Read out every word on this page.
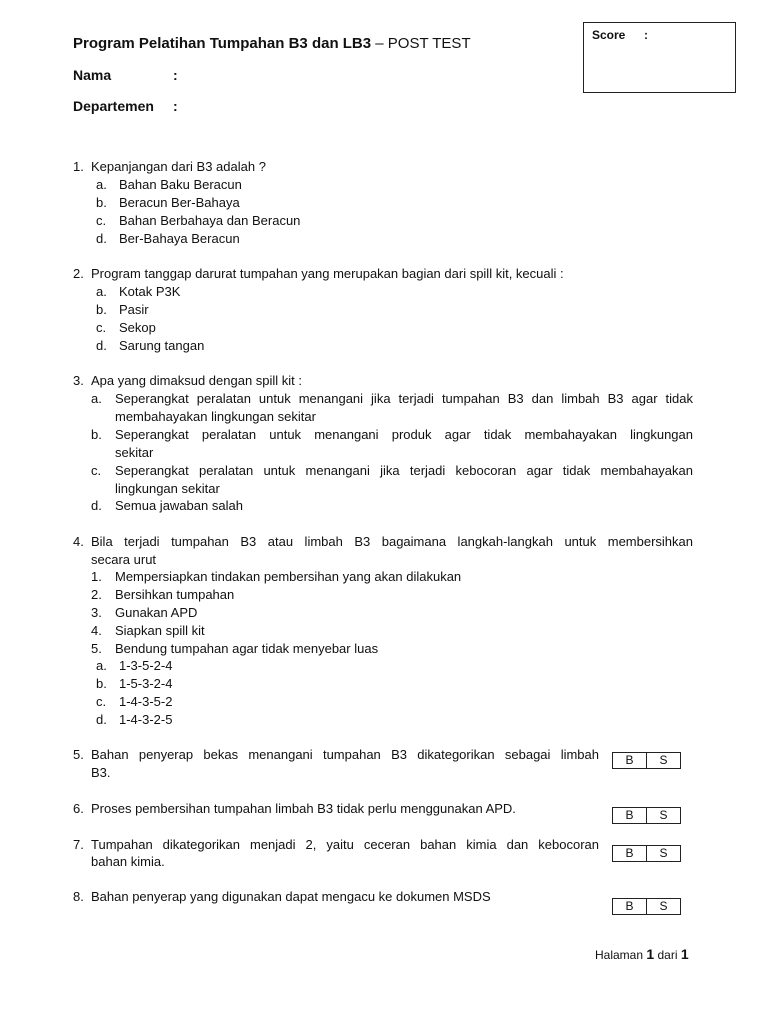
Program Pelatihan Tumpahan B3 dan LB3 – POST TEST
Nama	:
Departemen :
Score :
1. Kepanjangan dari B3 adalah ?
a. Bahan Baku Beracun
b. Beracun Ber-Bahaya
c. Bahan Berbahaya dan Beracun
d. Ber-Bahaya Beracun
2. Program tanggap darurat tumpahan yang merupakan bagian dari spill kit, kecuali :
a. Kotak P3K
b. Pasir
c. Sekop
d. Sarung tangan
3. Apa yang dimaksud dengan spill kit :
a. Seperangkat peralatan untuk menangani jika terjadi tumpahan B3 dan limbah B3 agar tidak
membahayakan lingkungan sekitar
b. Seperangkat peralatan untuk menangani produk agar tidak membahayakan lingkungan
sekitar
c. Seperangkat peralatan untuk menangani jika terjadi kebocoran agar tidak membahayakan
lingkungan sekitar
d. Semua jawaban salah
4. Bila terjadi tumpahan B3 atau limbah B3 bagaimana langkah-langkah untuk membersihkan
secara urut
1. Mempersiapkan tindakan pembersihan yang akan dilakukan
2. Bersihkan tumpahan
3. Gunakan APD
4. Siapkan spill kit
5. Bendung tumpahan agar tidak menyebar luas
a. 1-3-5-2-4
b. 1-5-3-2-4
c. 1-4-3-5-2
d. 1-4-3-2-5
5. Bahan penyerap bekas menangani tumpahan B3 dikategorikan sebagai limbah
B3.
B	S
6. Proses pembersihan tumpahan limbah B3 tidak perlu menggunakan APD.	B	S
7. Tumpahan dikategorikan menjadi 2, yaitu ceceran bahan kimia dan kebocoran
bahan kimia.
B	S
8. Bahan penyerap yang digunakan dapat mengacu ke dokumen MSDS
B	S
Halaman 1 dari 1
